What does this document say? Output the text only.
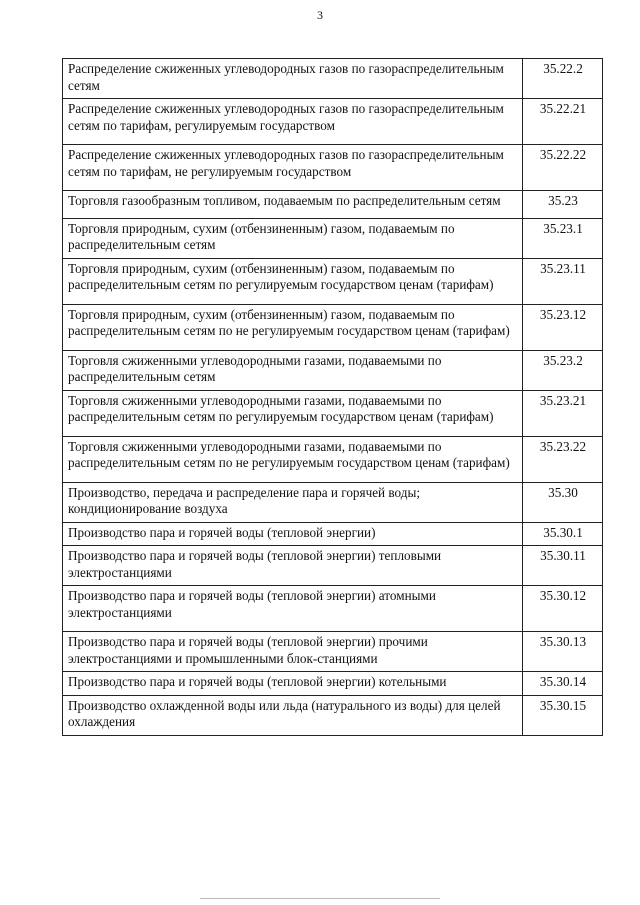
3
Распределение сжиженных углеводородных газов по газораспределительным сетям	35.22.2
Распределение сжиженных углеводородных газов по газораспределительным сетям по тарифам, регулируемым государством	35.22.21
Распределение сжиженных углеводородных газов по газораспределительным сетям по тарифам, не регулируемым государством	35.22.22
Торговля газообразным топливом, подаваемым по распределительным сетям	35.23
Торговля природным, сухим (отбензиненным) газом, подаваемым по распределительным сетям	35.23.1
Торговля природным, сухим (отбензиненным) газом, подаваемым по распределительным сетям по регулируемым государством ценам (тарифам)	35.23.11
Торговля природным, сухим (отбензиненным) газом, подаваемым по распределительным сетям по не регулируемым государством ценам (тарифам)	35.23.12
Торговля сжиженными углеводородными газами, подаваемыми по распределительным сетям	35.23.2
Торговля сжиженными углеводородными газами, подаваемыми по распределительным сетям по регулируемым государством ценам (тарифам)	35.23.21
Торговля сжиженными углеводородными газами, подаваемыми по распределительным сетям по не регулируемым государством ценам (тарифам)	35.23.22
Производство, передача и распределение пара и горячей воды; кондиционирование воздуха	35.30
Производство пара и горячей воды (тепловой энергии)	35.30.1
Производство пара и горячей воды (тепловой энергии) тепловыми электростанциями	35.30.11
Производство пара и горячей воды (тепловой энергии) атомными электростанциями	35.30.12
Производство пара и горячей воды (тепловой энергии) прочими электростанциями и промышленными блок-станциями	35.30.13
Производство пара и горячей воды (тепловой энергии) котельными	35.30.14
Производство охлажденной воды или льда (натурального из воды) для целей охлаждения	35.30.15
